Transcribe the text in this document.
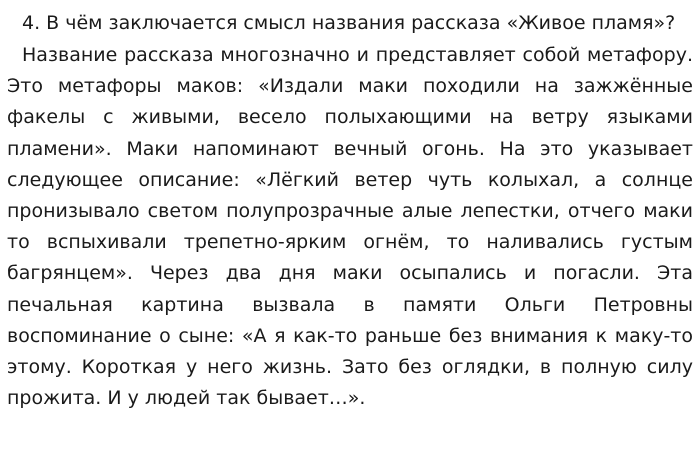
4. В чём заключается смысл названия рассказа «Живое пламя»?

Название рассказа многозначно и представляет собой метафору. Это метафоры маков: «Издали маки походили на зажжённые факелы с живыми, весело полыхающими на ветру языками пламени». Маки напоминают вечный огонь. На это указывает следующее описание: «Лёгкий ветер чуть колыхал, а солнце пронизывало светом полупрозрачные алые лепестки, отчего маки то вспыхивали трепетно-ярким огнём, то наливались густым багрянцем». Через два дня маки осыпались и погасли. Эта печальная картина вызвала в памяти Ольги Петровны воспоминание о сыне: «А я как-то раньше без внимания к маку-то этому. Короткая у него жизнь. Зато без оглядки, в полную силу прожита. И у людей так бывает…».
